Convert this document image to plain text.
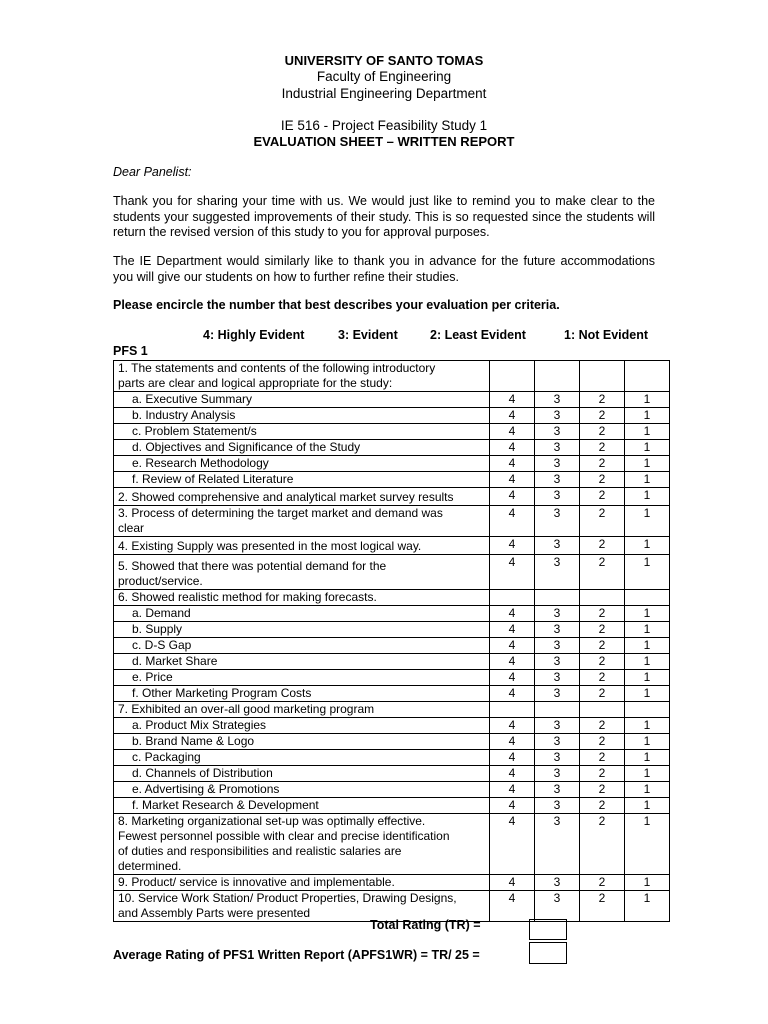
UNIVERSITY OF SANTO TOMAS
Faculty of Engineering
Industrial Engineering Department
IE 516 - Project Feasibility Study 1
EVALUATION SHEET – WRITTEN REPORT
Dear Panelist:
Thank you for sharing your time with us. We would just like to remind you to make clear to the
students your suggested improvements of their study. This is so requested since the students will
return the revised version of this study to you for approval purposes.
The IE Department would similarly like to thank you in advance for the future accommodations
you will give our students on how to further refine their studies.
Please encircle the number that best describes your evaluation per criteria.
4: Highly Evident	3: Evident	2: Least Evident	1: Not Evident
PFS 1
1. The statements and contents of the following introductory
parts are clear and logical appropriate for the study:				

a. Executive Summary	4	3	2	1

b. Industry Analysis	4	3	2	1

c. Problem Statement/s	4	3	2	1

d. Objectives and Significance of the Study	4	3	2	1

e. Research Methodology	4	3	2	1

f. Review of Related Literature	4	3	2	1

2. Showed comprehensive and analytical market survey results	4	3	2	1

3. Process of determining the target market and demand was
clear	4	3	2	1

4. Existing Supply was presented in the most logical way.	4	3	2	1

5. Showed that there was potential demand for the
product/service.	4	3	2	1

6. Showed realistic method for making forecasts.				

a. Demand	4	3	2	1

b. Supply	4	3	2	1

c. D-S Gap	4	3	2	1

d. Market Share	4	3	2	1

e. Price	4	3	2	1

f. Other Marketing Program Costs	4	3	2	1

7. Exhibited an over-all good marketing program				

a. Product Mix Strategies	4	3	2	1

b. Brand Name & Logo	4	3	2	1

c. Packaging	4	3	2	1

d. Channels of Distribution	4	3	2	1

e. Advertising & Promotions	4	3	2	1

f. Market Research & Development	4	3	2	1

8. Marketing organizational set-up was optimally effective.
Fewest personnel possible with clear and precise identification
of duties and responsibilities and realistic salaries are
determined.	4	3	2	1

9. Product/ service is innovative and implementable.	4	3	2	1

10. Service Work Station/ Product Properties, Drawing Designs,
and Assembly Parts were presented	4	3	2	1
Total Rating (TR) =
Average Rating of PFS1 Written Report (APFS1WR) = TR/ 25 =
